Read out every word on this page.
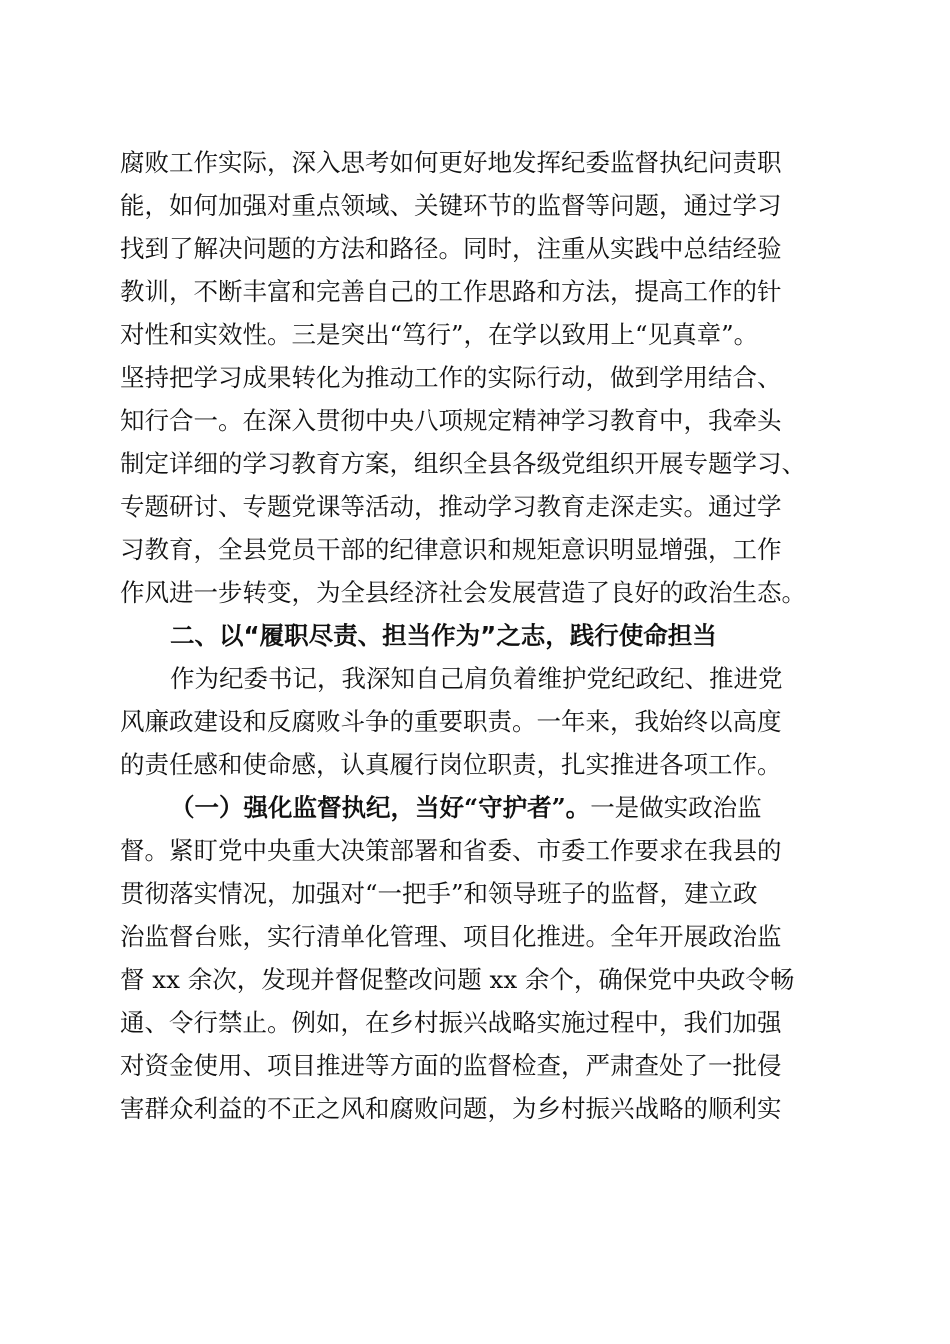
腐败工作实际，深入思考如何更好地发挥纪委监督执纪问责职

能，如何加强对重点领域、关键环节的监督等问题，通过学习

找到了解决问题的方法和路径。同时，注重从实践中总结经验

教训，不断丰富和完善自己的工作思路和方法，提高工作的针

对性和实效性。三是突出“笃行”，在学以致用上“见真章”。

坚持把学习成果转化为推动工作的实际行动，做到学用结合、

知行合一。在深入贯彻中央八项规定精神学习教育中，我牵头

制定详细的学习教育方案，组织全县各级党组织开展专题学习、

专题研讨、专题党课等活动，推动学习教育走深走实。通过学

习教育，全县党员干部的纪律意识和规矩意识明显增强，工作

作风进一步转变，为全县经济社会发展营造了良好的政治生态。

二、以“履职尽责、担当作为”之志，践行使命担当

作为纪委书记，我深知自己肩负着维护党纪政纪、推进党

风廉政建设和反腐败斗争的重要职责。一年来，我始终以高度

的责任感和使命感，认真履行岗位职责，扎实推进各项工作。

（一）强化监督执纪，当好“守护者”。一是做实政治监

督。紧盯党中央重大决策部署和省委、市委工作要求在我县的

贯彻落实情况，加强对“一把手”和领导班子的监督，建立政

治监督台账，实行清单化管理、项目化推进。全年开展政治监

督 xx 余次，发现并督促整改问题 xx 余个，确保党中央政令畅

通、令行禁止。例如，在乡村振兴战略实施过程中，我们加强

对资金使用、项目推进等方面的监督检查，严肃查处了一批侵

害群众利益的不正之风和腐败问题，为乡村振兴战略的顺利实
